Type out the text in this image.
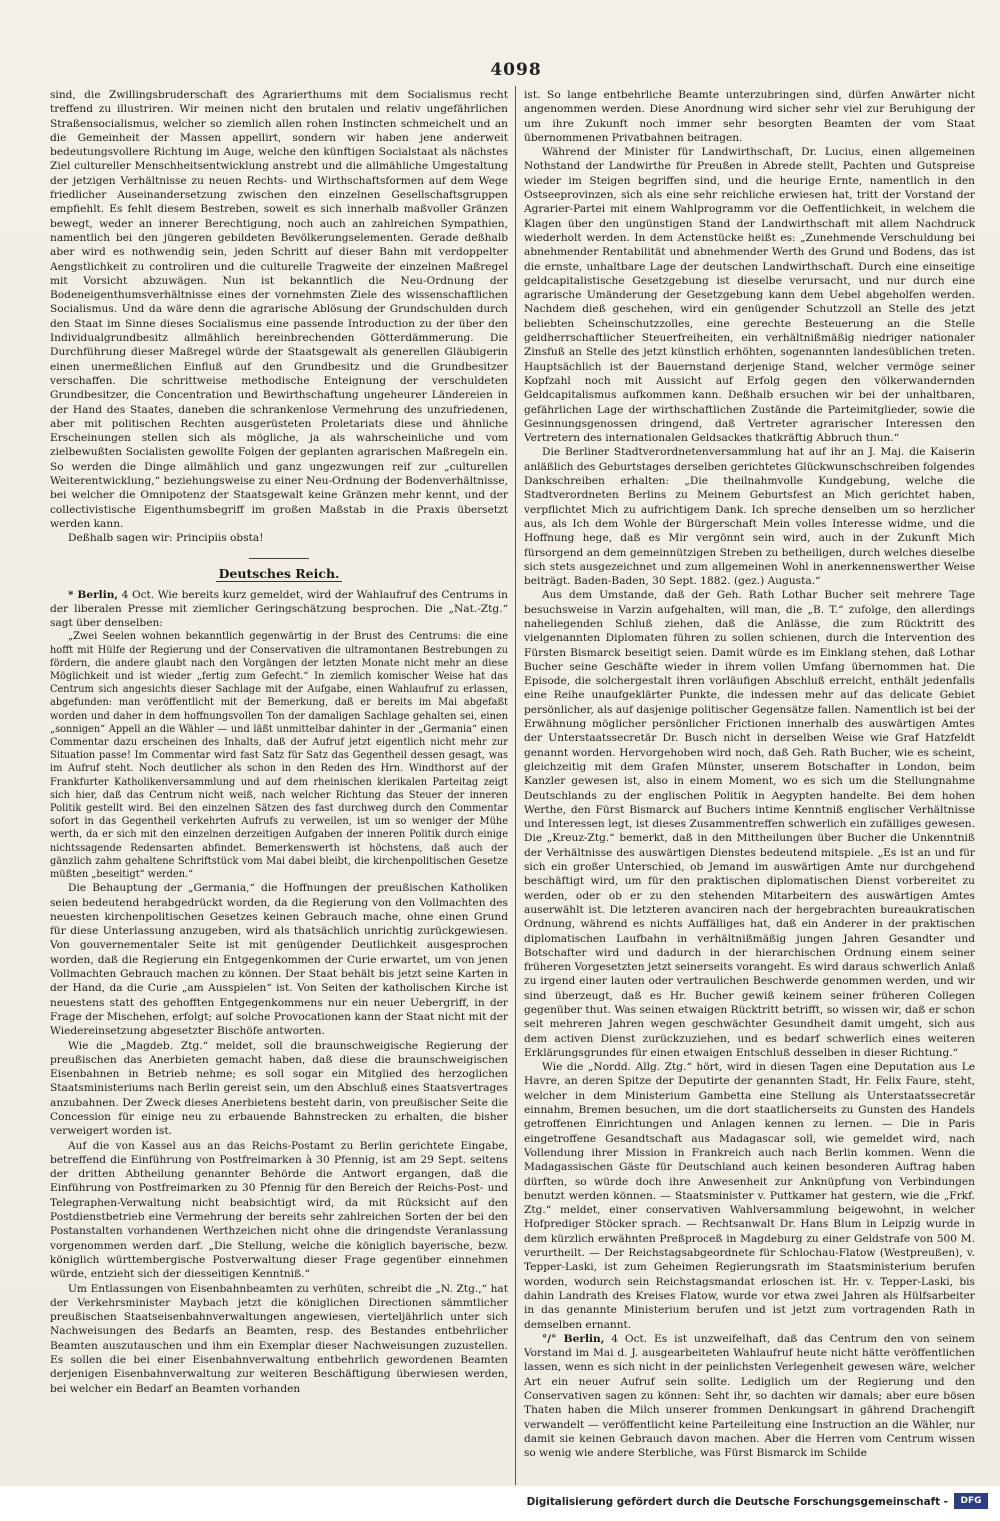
4098

sind, die Zwillingsbruderschaft des Agrarierthums mit dem Socialismus recht treffend zu illustriren. Wir meinen nicht den brutalen und relativ ungefährlichen Straßensocialismus, welcher so ziemlich allen rohen Instincten schmeichelt und an die Gemeinheit der Massen appellirt, sondern wir haben jene anderweit bedeutungsvollere Richtung im Auge, welche den künftigen Socialstaat als nächstes Ziel cultureller Menschheitsentwicklung anstrebt und die allmähliche Umgestaltung der jetzigen Verhältnisse zu neuen Rechts- und Wirthschaftsformen auf dem Wege friedlicher Auseinandersetzung zwischen den einzelnen Gesellschaftsgruppen empfiehlt. Es fehlt diesem Bestreben, soweit es sich innerhalb maßvoller Gränzen bewegt, weder an innerer Berechtigung, noch auch an zahlreichen Sympathien, namentlich bei den jüngeren gebildeten Bevölkerungselementen. Gerade deßhalb aber wird es nothwendig sein, jeden Schritt auf dieser Bahn mit verdoppelter Aengstlichkeit zu controliren und die culturelle Tragweite der einzelnen Maßregel mit Vorsicht abzuwägen. Nun ist bekanntlich die Neu-Ordnung der Bodeneigenthumsverhältnisse eines der vornehmsten Ziele des wissenschaftlichen Socialismus. Und da wäre denn die agrarische Ablösung der Grundschulden durch den Staat im Sinne dieses Socialismus eine passende Introduction zu der über den Individualgrundbesitz allmählich hereinbrechenden Götterdämmerung. Die Durchführung dieser Maßregel würde der Staatsgewalt als generellen Gläubigerin einen unermeßlichen Einfluß auf den Grundbesitz und die Grundbesitzer verschaffen. Die schrittweise methodische Enteignung der verschuldeten Grundbesitzer, die Concentration und Bewirthschaftung ungeheurer Ländereien in der Hand des Staates, daneben die schrankenlose Vermehrung des unzufriedenen, aber mit politischen Rechten ausgerüsteten Proletariats diese und ähnliche Erscheinungen stellen sich als mögliche, ja als wahrscheinliche und vom zielbewußten Socialisten gewollte Folgen der geplanten agrarischen Maßregeln ein. So werden die Dinge allmählich und ganz ungezwungen reif zur „culturellen Weiterentwicklung,“ beziehungsweise zu einer Neu-Ordnung der Bodenverhältnisse, bei welcher die Omnipotenz der Staatsgewalt keine Gränzen mehr kennt, und der collectivistische Eigenthumsbegriff im großen Maßstab in die Praxis übersetzt werden kann.

Deßhalb sagen wir: Principiis obsta!

Deutsches Reich.

* Berlin, 4 Oct. Wie bereits kurz gemeldet, wird der Wahlaufruf des Centrums in der liberalen Presse mit ziemlicher Geringschätzung besprochen. Die „Nat.-Ztg.“ sagt über denselben:

„Zwei Seelen wohnen bekanntlich gegenwärtig in der Brust des Centrums: die eine hofft mit Hülfe der Regierung und der Conservativen die ultramontanen Bestrebungen zu fördern, die andere glaubt nach den Vorgängen der letzten Monate nicht mehr an diese Möglichkeit und ist wieder „fertig zum Gefecht.“ In ziemlich komischer Weise hat das Centrum sich angesichts dieser Sachlage mit der Aufgabe, einen Wahlaufruf zu erlassen, abgefunden: man veröffentlicht mit der Bemerkung, daß er bereits im Mai abgefaßt worden und daher in dem hoffnungsvollen Ton der damaligen Sachlage gehalten sei, einen „sonnigen“ Appell an die Wähler — und läßt unmittelbar dahinter in der „Germania“ einen Commentar dazu erscheinen des Inhalts, daß der Aufruf jetzt eigentlich nicht mehr zur Situation passe! Im Commentar wird fast Satz für Satz das Gegentheil dessen gesagt, was im Aufruf steht. Noch deutlicher als schon in den Reden des Hrn. Windthorst auf der Frankfurter Katholikenversammlung und auf dem rheinischen klerikalen Parteitag zeigt sich hier, daß das Centrum nicht weiß, nach welcher Richtung das Steuer der inneren Politik gestellt wird. Bei den einzelnen Sätzen des fast durchweg durch den Commentar sofort in das Gegentheil verkehrten Aufrufs zu verweilen, ist um so weniger der Mühe werth, da er sich mit den einzelnen derzeitigen Aufgaben der inneren Politik durch einige nichtssagende Redensarten abfindet. Bemerkenswerth ist höchstens, daß auch der gänzlich zahm gehaltene Schriftstück vom Mai dabei bleibt, die kirchenpolitischen Gesetze müßten „beseitigt“ werden.“

Die Behauptung der „Germania,“ die Hoffnungen der preußischen Katholiken seien bedeutend herabgedrückt worden, da die Regierung von den Vollmachten des neuesten kirchenpolitischen Gesetzes keinen Gebrauch mache, ohne einen Grund für diese Unterlassung anzugeben, wird als thatsächlich unrichtig zurückgewiesen. Von gouvernementaler Seite ist mit genügender Deutlichkeit ausgesprochen worden, daß die Regierung ein Entgegenkommen der Curie erwartet, um von jenen Vollmachten Gebrauch machen zu können. Der Staat behält bis jetzt seine Karten in der Hand, da die Curie „am Ausspielen“ ist. Von Seiten der katholischen Kirche ist neuestens statt des gehofften Entgegenkommens nur ein neuer Uebergriff, in der Frage der Mischehen, erfolgt; auf solche Provocationen kann der Staat nicht mit der Wiedereinsetzung abgesetzter Bischöfe antworten.

Wie die „Magdeb. Ztg.“ meldet, soll die braunschweigische Regierung der preußischen das Anerbieten gemacht haben, daß diese die braunschweigischen Eisenbahnen in Betrieb nehme; es soll sogar ein Mitglied des herzoglichen Staatsministeriums nach Berlin gereist sein, um den Abschluß eines Staatsvertrages anzubahnen. Der Zweck dieses Anerbietens besteht darin, von preußischer Seite die Concession für einige neu zu erbauende Bahnstrecken zu erhalten, die bisher verweigert worden ist.

Auf die von Kassel aus an das Reichs-Postamt zu Berlin gerichtete Eingabe, betreffend die Einführung von Postfreimarken à 30 Pfennig, ist am 29 Sept. seitens der dritten Abtheilung genannter Behörde die Antwort ergangen, daß die Einführung von Postfreimarken zu 30 Pfennig für den Bereich der Reichs-Post- und Telegraphen-Verwaltung nicht beabsichtigt wird, da mit Rücksicht auf den Postdienstbetrieb eine Vermehrung der bereits sehr zahlreichen Sorten der bei den Postanstalten vorhandenen Werthzeichen nicht ohne die dringendste Veranlassung vorgenommen werden darf. „Die Stellung, welche die königlich bayerische, bezw. königlich württembergische Postverwaltung dieser Frage gegenüber einnehmen würde, entzieht sich der diesseitigen Kenntniß.“

Um Entlassungen von Eisenbahnbeamten zu verhüten, schreibt die „N. Ztg.,“ hat der Verkehrsminister Maybach jetzt die königlichen Directionen sämmtlicher preußischen Staatseisenbahnverwaltungen angewiesen, vierteljährlich unter sich Nachweisungen des Bedarfs an Beamten, resp. des Bestandes entbehrlicher Beamten auszutauschen und ihm ein Exemplar dieser Nachweisungen zuzustellen. Es sollen die bei einer Eisenbahnverwaltung entbehrlich gewordenen Beamten derjenigen Eisenbahnverwaltung zur weiteren Beschäftigung überwiesen werden, bei welcher ein Bedarf an Beamten vorhanden

ist. So lange entbehrliche Beamte unterzubringen sind, dürfen Anwärter nicht angenommen werden. Diese Anordnung wird sicher sehr viel zur Beruhigung der um ihre Zukunft noch immer sehr besorgten Beamten der vom Staat übernommenen Privatbahnen beitragen.

Während der Minister für Landwirthschaft, Dr. Lucius, einen allgemeinen Nothstand der Landwirthe für Preußen in Abrede stellt, Pachten und Gutspreise wieder im Steigen begriffen sind, und die heurige Ernte, namentlich in den Ostseeprovinzen, sich als eine sehr reichliche erwiesen hat, tritt der Vorstand der Agrarier-Partei mit einem Wahlprogramm vor die Oeffentlichkeit, in welchem die Klagen über den ungünstigen Stand der Landwirthschaft mit allem Nachdruck wiederholt werden. In dem Actenstücke heißt es: „Zunehmende Verschuldung bei abnehmender Rentabilität und abnehmender Werth des Grund und Bodens, das ist die ernste, unhaltbare Lage der deutschen Landwirthschaft. Durch eine einseitige geldcapitalistische Gesetzgebung ist dieselbe verursacht, und nur durch eine agrarische Umänderung der Gesetzgebung kann dem Uebel abgeholfen werden. Nachdem dieß geschehen, wird ein genügender Schutzzoll an Stelle des jetzt beliebten Scheinschutzzolles, eine gerechte Besteuerung an die Stelle geldherrschaftlicher Steuerfreiheiten, ein verhältnißmäßig niedriger nationaler Zinsfuß an Stelle des jetzt künstlich erhöhten, sogenannten landesüblichen treten. Hauptsächlich ist der Bauernstand derjenige Stand, welcher vermöge seiner Kopfzahl noch mit Aussicht auf Erfolg gegen den völkerwandernden Geldcapitalismus aufkommen kann. Deßhalb ersuchen wir bei der unhaltbaren, gefährlichen Lage der wirthschaftlichen Zustände die Parteimitglieder, sowie die Gesinnungsgenossen dringend, daß Vertreter agrarischer Interessen den Vertretern des internationalen Geldsackes thatkräftig Abbruch thun.“

Die Berliner Stadtverordnetenversammlung hat auf ihr an J. Maj. die Kaiserin anläßlich des Geburtstages derselben gerichtetes Glückwunschschreiben folgendes Dankschreiben erhalten: „Die theilnahmvolle Kundgebung, welche die Stadtverordneten Berlins zu Meinem Geburtsfest an Mich gerichtet haben, verpflichtet Mich zu aufrichtigem Dank. Ich spreche denselben um so herzlicher aus, als Ich dem Wohle der Bürgerschaft Mein volles Interesse widme, und die Hoffnung hege, daß es Mir vergönnt sein wird, auch in der Zukunft Mich fürsorgend an dem gemeinnützigen Streben zu betheiligen, durch welches dieselbe sich stets ausgezeichnet und zum allgemeinen Wohl in anerkennenswerther Weise beiträgt. Baden-Baden, 30 Sept. 1882. (gez.) Augusta.“

Aus dem Umstande, daß der Geh. Rath Lothar Bucher seit mehrere Tage besuchsweise in Varzin aufgehalten, will man, die „B. T.“ zufolge, den allerdings naheliegenden Schluß ziehen, daß die Anlässe, die zum Rücktritt des vielgenannten Diplomaten führen zu sollen schienen, durch die Intervention des Fürsten Bismarck beseitigt seien. Damit würde es im Einklang stehen, daß Lothar Bucher seine Geschäfte wieder in ihrem vollen Umfang übernommen hat. Die Episode, die solchergestalt ihren vorläufigen Abschluß erreicht, enthält jedenfalls eine Reihe unaufgeklärter Punkte, die indessen mehr auf das delicate Gebiet persönlicher, als auf dasjenige politischer Gegensätze fallen. Namentlich ist bei der Erwähnung möglicher persönlicher Frictionen innerhalb des auswärtigen Amtes der Unterstaatssecretär Dr. Busch nicht in derselben Weise wie Graf Hatzfeldt genannt worden. Hervorgehoben wird noch, daß Geh. Rath Bucher, wie es scheint, gleichzeitig mit dem Grafen Münster, unserem Botschafter in London, beim Kanzler gewesen ist, also in einem Moment, wo es sich um die Stellungnahme Deutschlands zu der englischen Politik in Aegypten handelte. Bei dem hohen Werthe, den Fürst Bismarck auf Buchers intime Kenntniß englischer Verhältnisse und Interessen legt, ist dieses Zusammentreffen schwerlich ein zufälliges gewesen. Die „Kreuz-Ztg.“ bemerkt, daß in den Mittheilungen über Bucher die Unkenntniß der Verhältnisse des auswärtigen Dienstes bedeutend mitspiele. „Es ist an und für sich ein großer Unterschied, ob Jemand im auswärtigen Amte nur durchgehend beschäftigt wird, um für den praktischen diplomatischen Dienst vorbereitet zu werden, oder ob er zu den stehenden Mitarbeitern des auswärtigen Amtes auserwählt ist. Die letzteren avanciren nach der hergebrachten bureaukratischen Ordnung, während es nichts Auffälliges hat, daß ein Anderer in der praktischen diplomatischen Laufbahn in verhältnißmäßig jungen Jahren Gesandter und Botschafter wird und dadurch in der hierarchischen Ordnung einem seiner früheren Vorgesetzten jetzt seinerseits vorangeht. Es wird daraus schwerlich Anlaß zu irgend einer lauten oder vertraulichen Beschwerde genommen werden, und wir sind überzeugt, daß es Hr. Bucher gewiß keinem seiner früheren Collegen gegenüber thut. Was seinen etwaigen Rücktritt betrifft, so wissen wir, daß er schon seit mehreren Jahren wegen geschwächter Gesundheit damit umgeht, sich aus dem activen Dienst zurückzuziehen, und es bedarf schwerlich eines weiteren Erklärungsgrundes für einen etwaigen Entschluß desselben in dieser Richtung.“

Wie die „Nordd. Allg. Ztg.“ hört, wird in diesen Tagen eine Deputation aus Le Havre, an deren Spitze der Deputirte der genannten Stadt, Hr. Felix Faure, steht, welcher in dem Ministerium Gambetta eine Stellung als Unterstaatssecretär einnahm, Bremen besuchen, um die dort staatlicherseits zu Gunsten des Handels getroffenen Einrichtungen und Anlagen kennen zu lernen. — Die in Paris eingetroffene Gesandtschaft aus Madagascar soll, wie gemeldet wird, nach Vollendung ihrer Mission in Frankreich auch nach Berlin kommen. Wenn die Madagassischen Gäste für Deutschland auch keinen besonderen Auftrag haben dürften, so würde doch ihre Anwesenheit zur Anknüpfung von Verbindungen benutzt werden können. — Staatsminister v. Puttkamer hat gestern, wie die „Frkf. Ztg.“ meldet, einer conservativen Wahlversammlung beigewohnt, in welcher Hofprediger Stöcker sprach. — Rechtsanwalt Dr. Hans Blum in Leipzig wurde in dem kürzlich erwähnten Preßproceß in Magdeburg zu einer Geldstrafe von 500 M. verurtheilt. — Der Reichstagsabgeordnete für Schlochau-Flatow (Westpreußen), v. Tepper-Laski, ist zum Geheimen Regierungsrath im Staatsministerium berufen worden, wodurch sein Reichstagsmandat erloschen ist. Hr. v. Tepper-Laski, bis dahin Landrath des Kreises Flatow, wurde vor etwa zwei Jahren als Hülfsarbeiter in das genannte Ministerium berufen und ist jetzt zum vortragenden Rath in demselben ernannt.

°/° Berlin, 4 Oct. Es ist unzweifelhaft, daß das Centrum den von seinem Vorstand im Mai d. J. ausgearbeiteten Wahlaufruf heute nicht hätte veröffentlichen lassen, wenn es sich nicht in der peinlichsten Verlegenheit gewesen wäre, welcher Art ein neuer Aufruf sein sollte. Lediglich um der Regierung und den Conservativen sagen zu können: Seht ihr, so dachten wir damals; aber eure bösen Thaten haben die Milch unserer frommen Denkungsart in gährend Drachengift verwandelt — veröffentlicht keine Parteileitung eine Instruction an die Wähler, nur damit sie keinen Gebrauch davon machen. Aber die Herren vom Centrum wissen so wenig wie andere Sterbliche, was Fürst Bismarck im Schilde

Digitalisierung gefördert durch die Deutsche Forschungsgemeinschaft -	DFG
